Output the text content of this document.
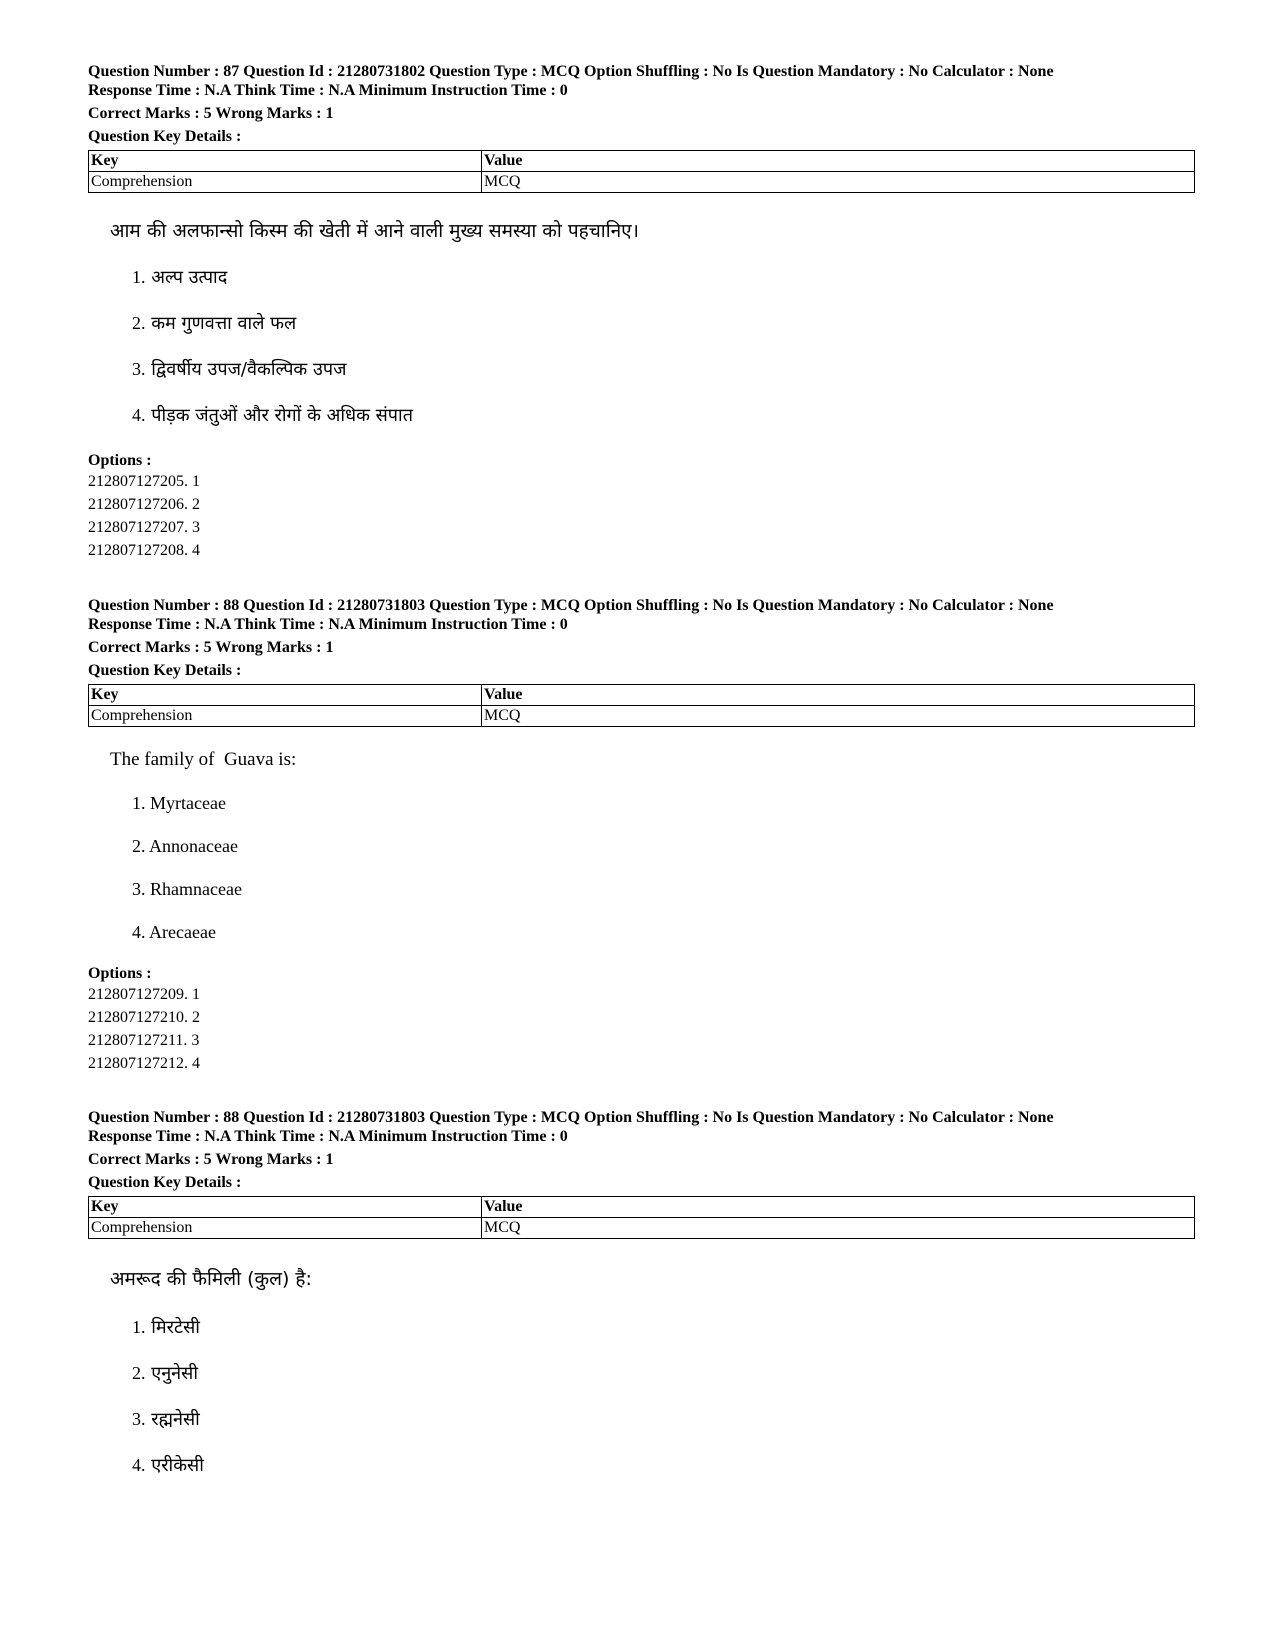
Question Number : 87 Question Id : 21280731802 Question Type : MCQ Option Shuffling : No Is Question Mandatory : No Calculator : None

Response Time : N.A Think Time : N.A Minimum Instruction Time : 0

Correct Marks : 5 Wrong Marks : 1

Question Key Details :

Key	Value
Comprehension	MCQ
आम की अलफान्सो किस्म की खेती में आने वाली मुख्य समस्या को पहचानिए।
1. अल्प उत्पाद
2. कम गुणवत्ता वाले फल
3. द्विवर्षीय उपज/वैकल्पिक उपज
4. पीड़क जंतुओं और रोगों के अधिक संपात
Options :
212807127205. 1
212807127206. 2
212807127207. 3
212807127208. 4

Question Number : 88 Question Id : 21280731803 Question Type : MCQ Option Shuffling : No Is Question Mandatory : No Calculator : None

Response Time : N.A Think Time : N.A Minimum Instruction Time : 0

Correct Marks : 5 Wrong Marks : 1

Question Key Details :

Key	Value
Comprehension	MCQ
The family of  Guava is:
1. Myrtaceae
2. Annonaceae
3. Rhamnaceae
4. Arecaeae
Options :
212807127209. 1
212807127210. 2
212807127211. 3
212807127212. 4

Question Number : 88 Question Id : 21280731803 Question Type : MCQ Option Shuffling : No Is Question Mandatory : No Calculator : None

Response Time : N.A Think Time : N.A Minimum Instruction Time : 0

Correct Marks : 5 Wrong Marks : 1

Question Key Details :

Key	Value
Comprehension	MCQ
अमरूद की फैमिली (कुल) है:
1. मिरटेसी
2. एनुनेसी
3. रह्मनेसी
4. एरीकेसी
